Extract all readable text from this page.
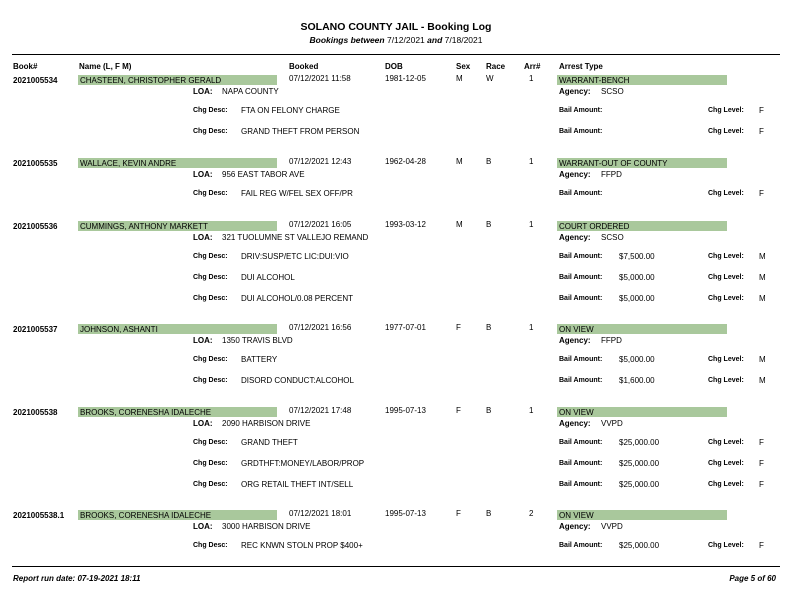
SOLANO COUNTY JAIL - Booking Log
Bookings between 7/12/2021 and 7/18/2021
Book#	Name (L, F M)	Booked	DOB	Sex Race Arr# Arrest Type
2021005534	CHASTEEN, CHRISTOPHER GERALD	07/12/2021 11:58	1981-12-05	M	W	1	WARRANT-BENCH
LOA: NAPA COUNTY	Agency: SCSO
Chg Desc: FTA ON FELONY CHARGE	Bail Amount:	Chg Level: F
Chg Desc: GRAND THEFT FROM PERSON	Bail Amount:	Chg Level: F
2021005535	WALLACE, KEVIN ANDRE	07/12/2021 12:43	1962-04-28	M	B	1	WARRANT-OUT OF COUNTY
LOA: 956 EAST TABOR AVE	Agency: FFPD
Chg Desc: FAIL REG W/FEL SEX OFF/PR	Bail Amount:	Chg Level: F
2021005536	CUMMINGS, ANTHONY MARKETT	07/12/2021 16:05	1993-03-12	M	B	1	COURT ORDERED
LOA: 321 TUOLUMNE ST VALLEJO REMAND	Agency: SCSO
Chg Desc: DRIV:SUSP/ETC LIC:DUI:VIO	Bail Amount: $7,500.00	Chg Level: M
Chg Desc: DUI ALCOHOL	Bail Amount: $5,000.00	Chg Level: M
Chg Desc: DUI ALCOHOL/0.08 PERCENT	Bail Amount: $5,000.00	Chg Level: M
2021005537	JOHNSON, ASHANTI	07/12/2021 16:56	1977-07-01	F	B	1	ON VIEW
LOA: 1350 TRAVIS BLVD	Agency: FFPD
Chg Desc: BATTERY	Bail Amount: $5,000.00	Chg Level: M
Chg Desc: DISORD CONDUCT:ALCOHOL	Bail Amount: $1,600.00	Chg Level: M
2021005538	BROOKS, CORENESHA IDALECHE	07/12/2021 17:48	1995-07-13	F	B	1	ON VIEW
LOA: 2090 HARBISON DRIVE	Agency: VVPD
Chg Desc: GRAND THEFT	Bail Amount: $25,000.00	Chg Level: F
Chg Desc: GRDTHFT:MONEY/LABOR/PROP	Bail Amount: $25,000.00	Chg Level: F
Chg Desc: ORG RETAIL THEFT INT/SELL	Bail Amount: $25,000.00	Chg Level: F
2021005538.1 BROOKS, CORENESHA IDALECHE	07/12/2021 18:01	1995-07-13	F	B	2	ON VIEW
LOA: 3000 HARBISON DRIVE	Agency: VVPD
Chg Desc: REC KNWN STOLN PROP $400+	Bail Amount: $25,000.00	Chg Level: F
Report run date: 07-19-2021 18:11	Page 5 of 60
